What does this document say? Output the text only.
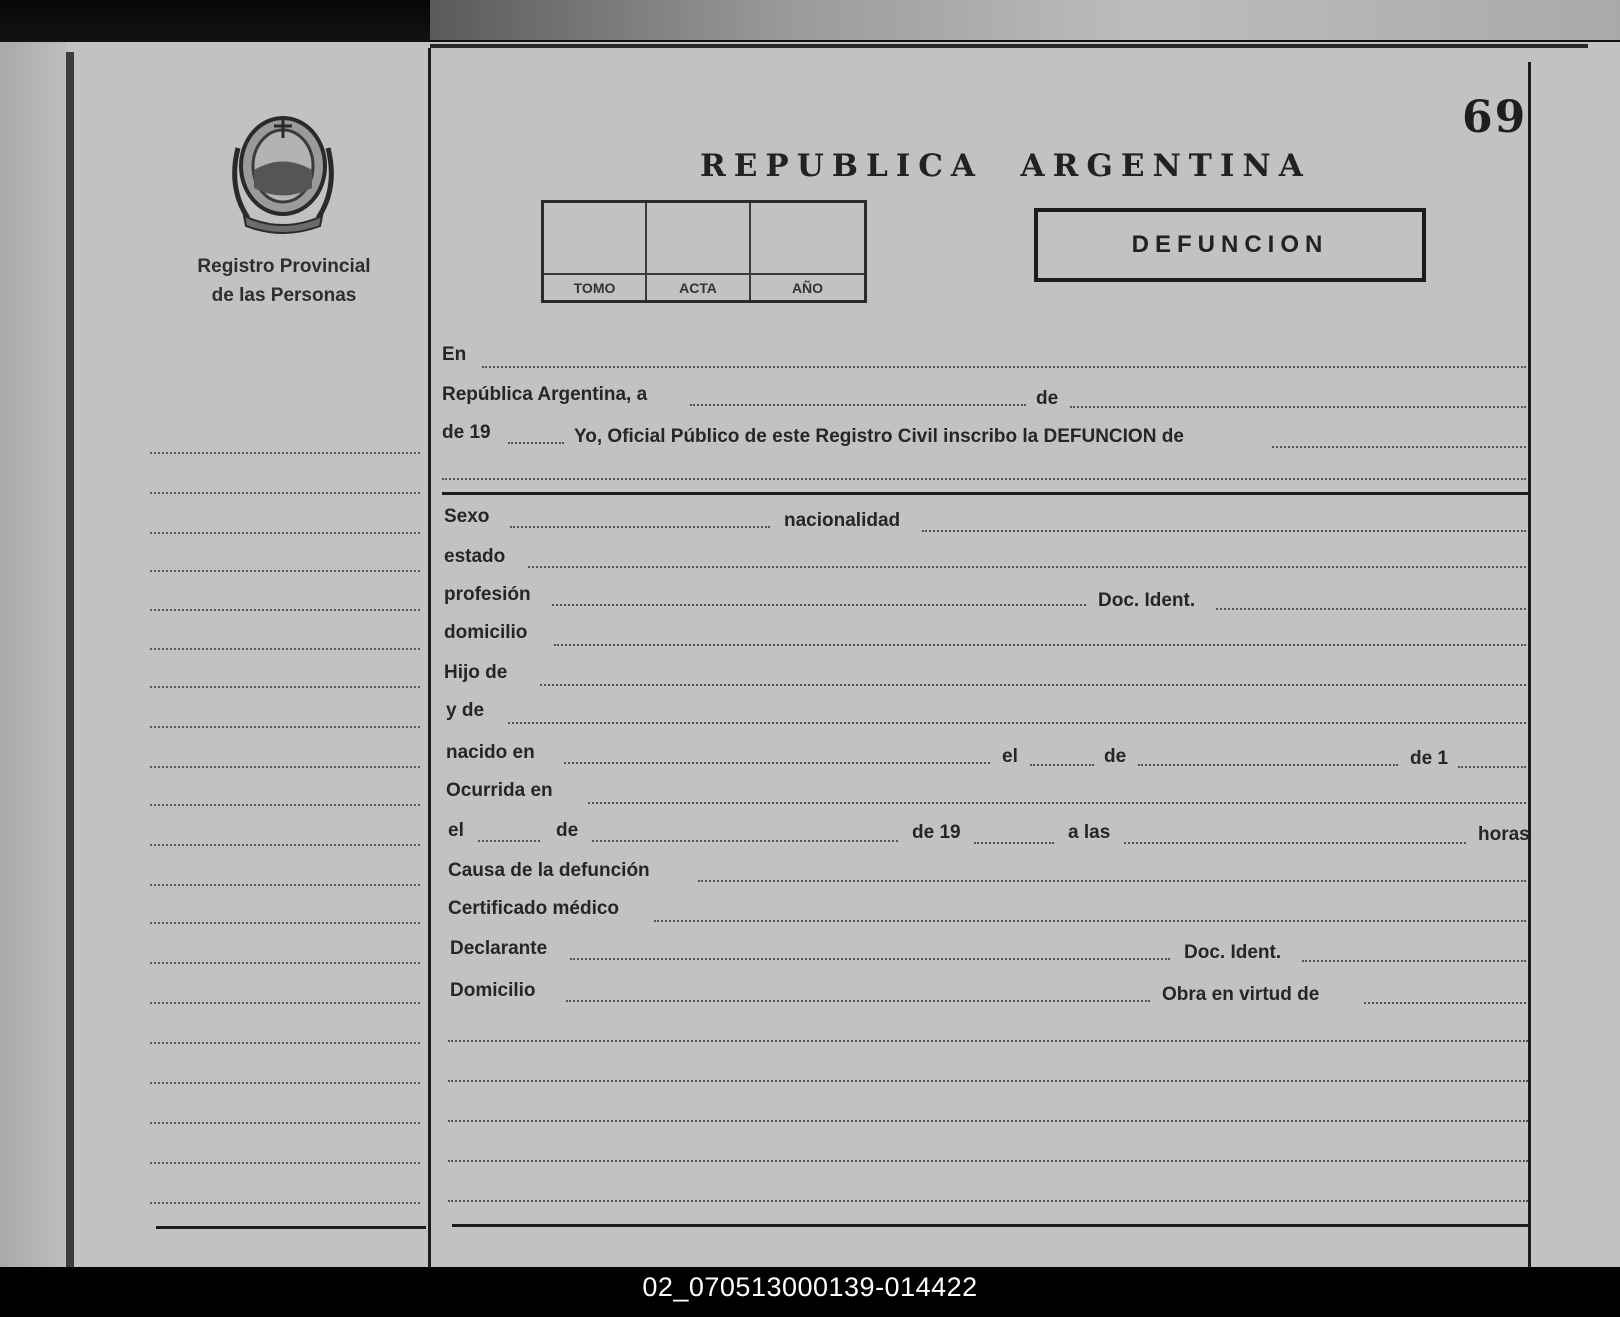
Registro Provincial
de las Personas
69
REPUBLICA  ARGENTINA
TOMO	ACTA	AÑO
DEFUNCION
En
República Argentina, a	de
de 19	Yo, Oficial Público de este Registro Civil inscribo la DEFUNCION de
Sexo	nacionalidad
estado
profesión	Doc. Ident.
domicilio
Hijo de
y de
nacido en	el	de	de 1
Ocurrida en
el	de	de 19	a las	horas
Causa de la defunción
Certificado médico
Declarante	Doc. Ident.
Domicilio	Obra en virtud de
02_070513000139-014422
